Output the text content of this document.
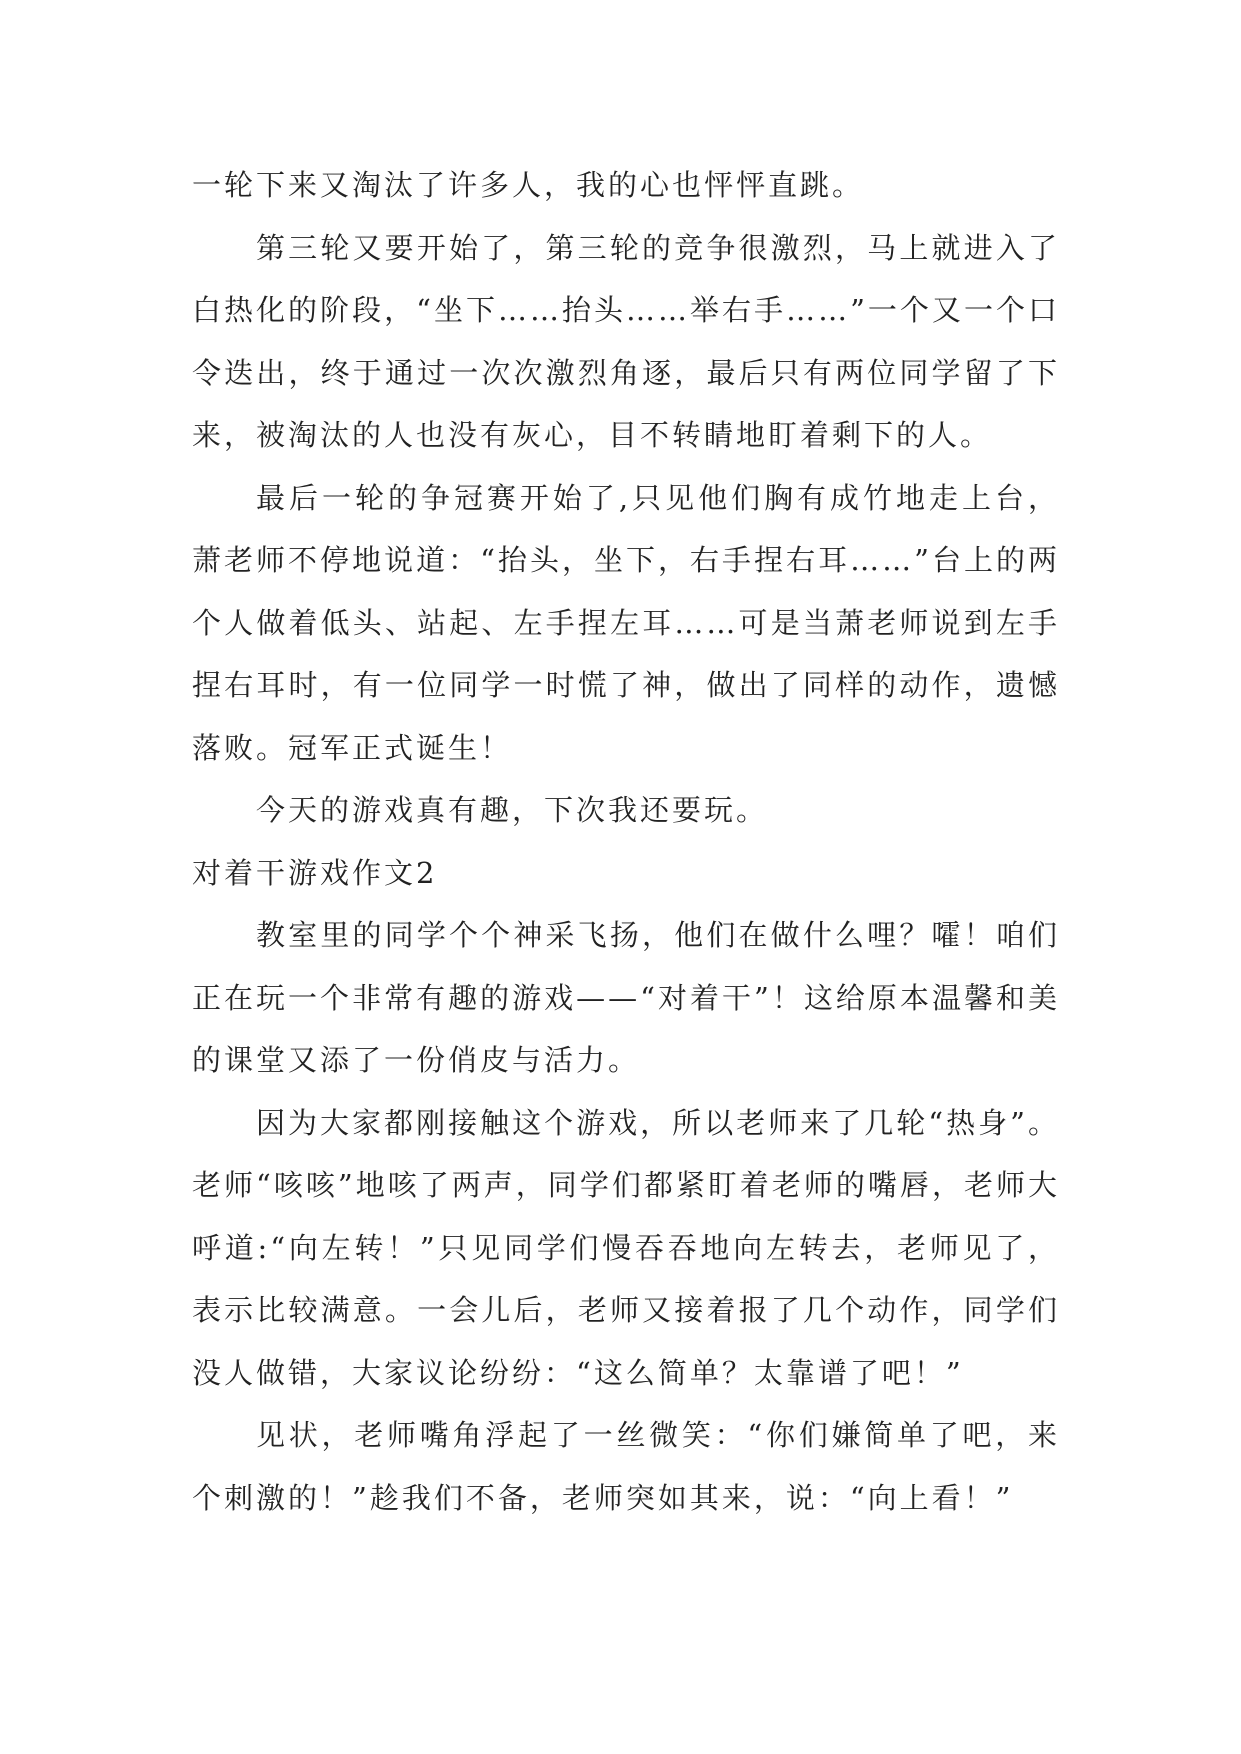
一轮下来又淘汰了许多人，我的心也怦怦直跳。

第三轮又要开始了，第三轮的竞争很激烈，马上就进入了白热化的阶段，“坐下……抬头……举右手……”一个又一个口令迭出，终于通过一次次激烈角逐，最后只有两位同学留了下来，被淘汰的人也没有灰心，目不转睛地盯着剩下的人。

最后一轮的争冠赛开始了,只见他们胸有成竹地走上台，萧老师不停地说道：“抬头，坐下，右手捏右耳……”台上的两个人做着低头、站起、左手捏左耳……可是当萧老师说到左手捏右耳时，有一位同学一时慌了神，做出了同样的动作，遗憾落败。冠军正式诞生！

今天的游戏真有趣，下次我还要玩。

对着干游戏作文2

教室里的同学个个神采飞扬，他们在做什么哩？嚯！咱们正在玩一个非常有趣的游戏——“对着干”！这给原本温馨和美的课堂又添了一份俏皮与活力。

因为大家都刚接触这个游戏，所以老师来了几轮“热身”。老师“咳咳”地咳了两声，同学们都紧盯着老师的嘴唇，老师大呼道:“向左转！”只见同学们慢吞吞地向左转去，老师见了，表示比较满意。一会儿后，老师又接着报了几个动作，同学们没人做错，大家议论纷纷：“这么简单？太靠谱了吧！”

见状，老师嘴角浮起了一丝微笑：“你们嫌简单了吧，来个刺激的！”趁我们不备，老师突如其来，说：“向上看！”
